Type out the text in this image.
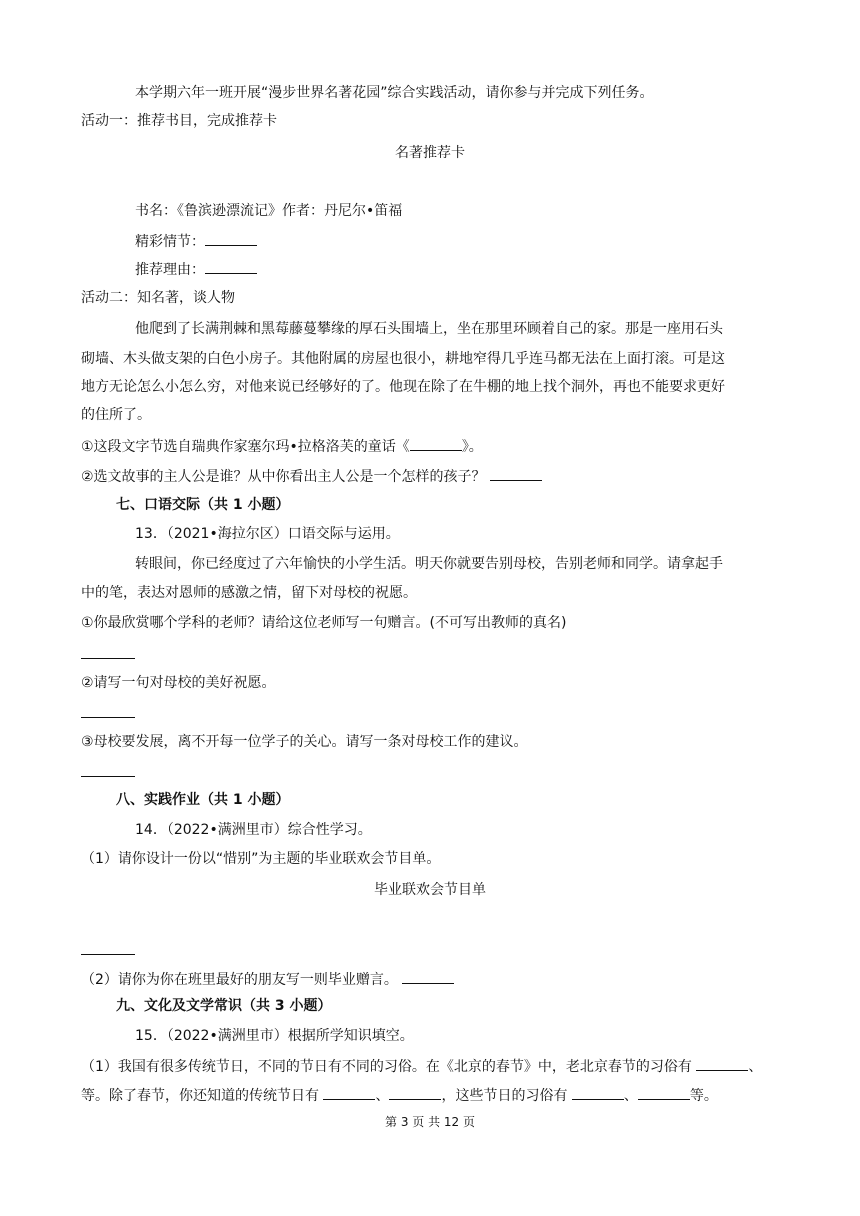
本学期六年一班开展“漫步世界名著花园”综合实践活动，请你参与并完成下列任务。
活动一：推荐书目，完成推荐卡
名著推荐卡
书名：《鲁滨逊漂流记》作者：丹尼尔•笛福
精彩情节：
推荐理由：
活动二：知名著，谈人物
他爬到了长满荆棘和黑莓藤蔓攀缘的厚石头围墙上，坐在那里环顾着自己的家。那是一座用石头
砌墙、木头做支架的白色小房子。其他附属的房屋也很小，耕地窄得几乎连马都无法在上面打滚。可是这
地方无论怎么小怎么穷，对他来说已经够好的了。他现在除了在牛棚的地上找个洞外，再也不能要求更好
的住所了。
①这段文字节选自瑞典作家塞尔玛•拉格洛芙的童话《	》。
②选文故事的主人公是谁？从中你看出主人公是一个怎样的孩子？
七、口语交际（共 1 小题）
13．（2021•海拉尔区）口语交际与运用。
转眼间，你已经度过了六年愉快的小学生活。明天你就要告别母校，告别老师和同学。请拿起手
中的笔，表达对恩师的感激之情，留下对母校的祝愿。
①你最欣赏哪个学科的老师？请给这位老师写一句赠言。(不可写出教师的真名)
②请写一句对母校的美好祝愿。
③母校要发展，离不开每一位学子的关心。请写一条对母校工作的建议。
八、实践作业（共 1 小题）
14．（2022•满洲里市）综合性学习。
（1）请你设计一份以“惜别”为主题的毕业联欢会节目单。
毕业联欢会节目单
（2）请你为你在班里最好的朋友写一则毕业赠言。
九、文化及文学常识（共 3 小题）
15．（2022•满洲里市）根据所学知识填空。
（1）我国有很多传统节日，不同的节日有不同的习俗。在《北京的春节》中，老北京春节的习俗有	、
等。除了春节，你还知道的传统节日有	、	，这些节日的习俗有	、	等。
第 3 页 共 12 页
